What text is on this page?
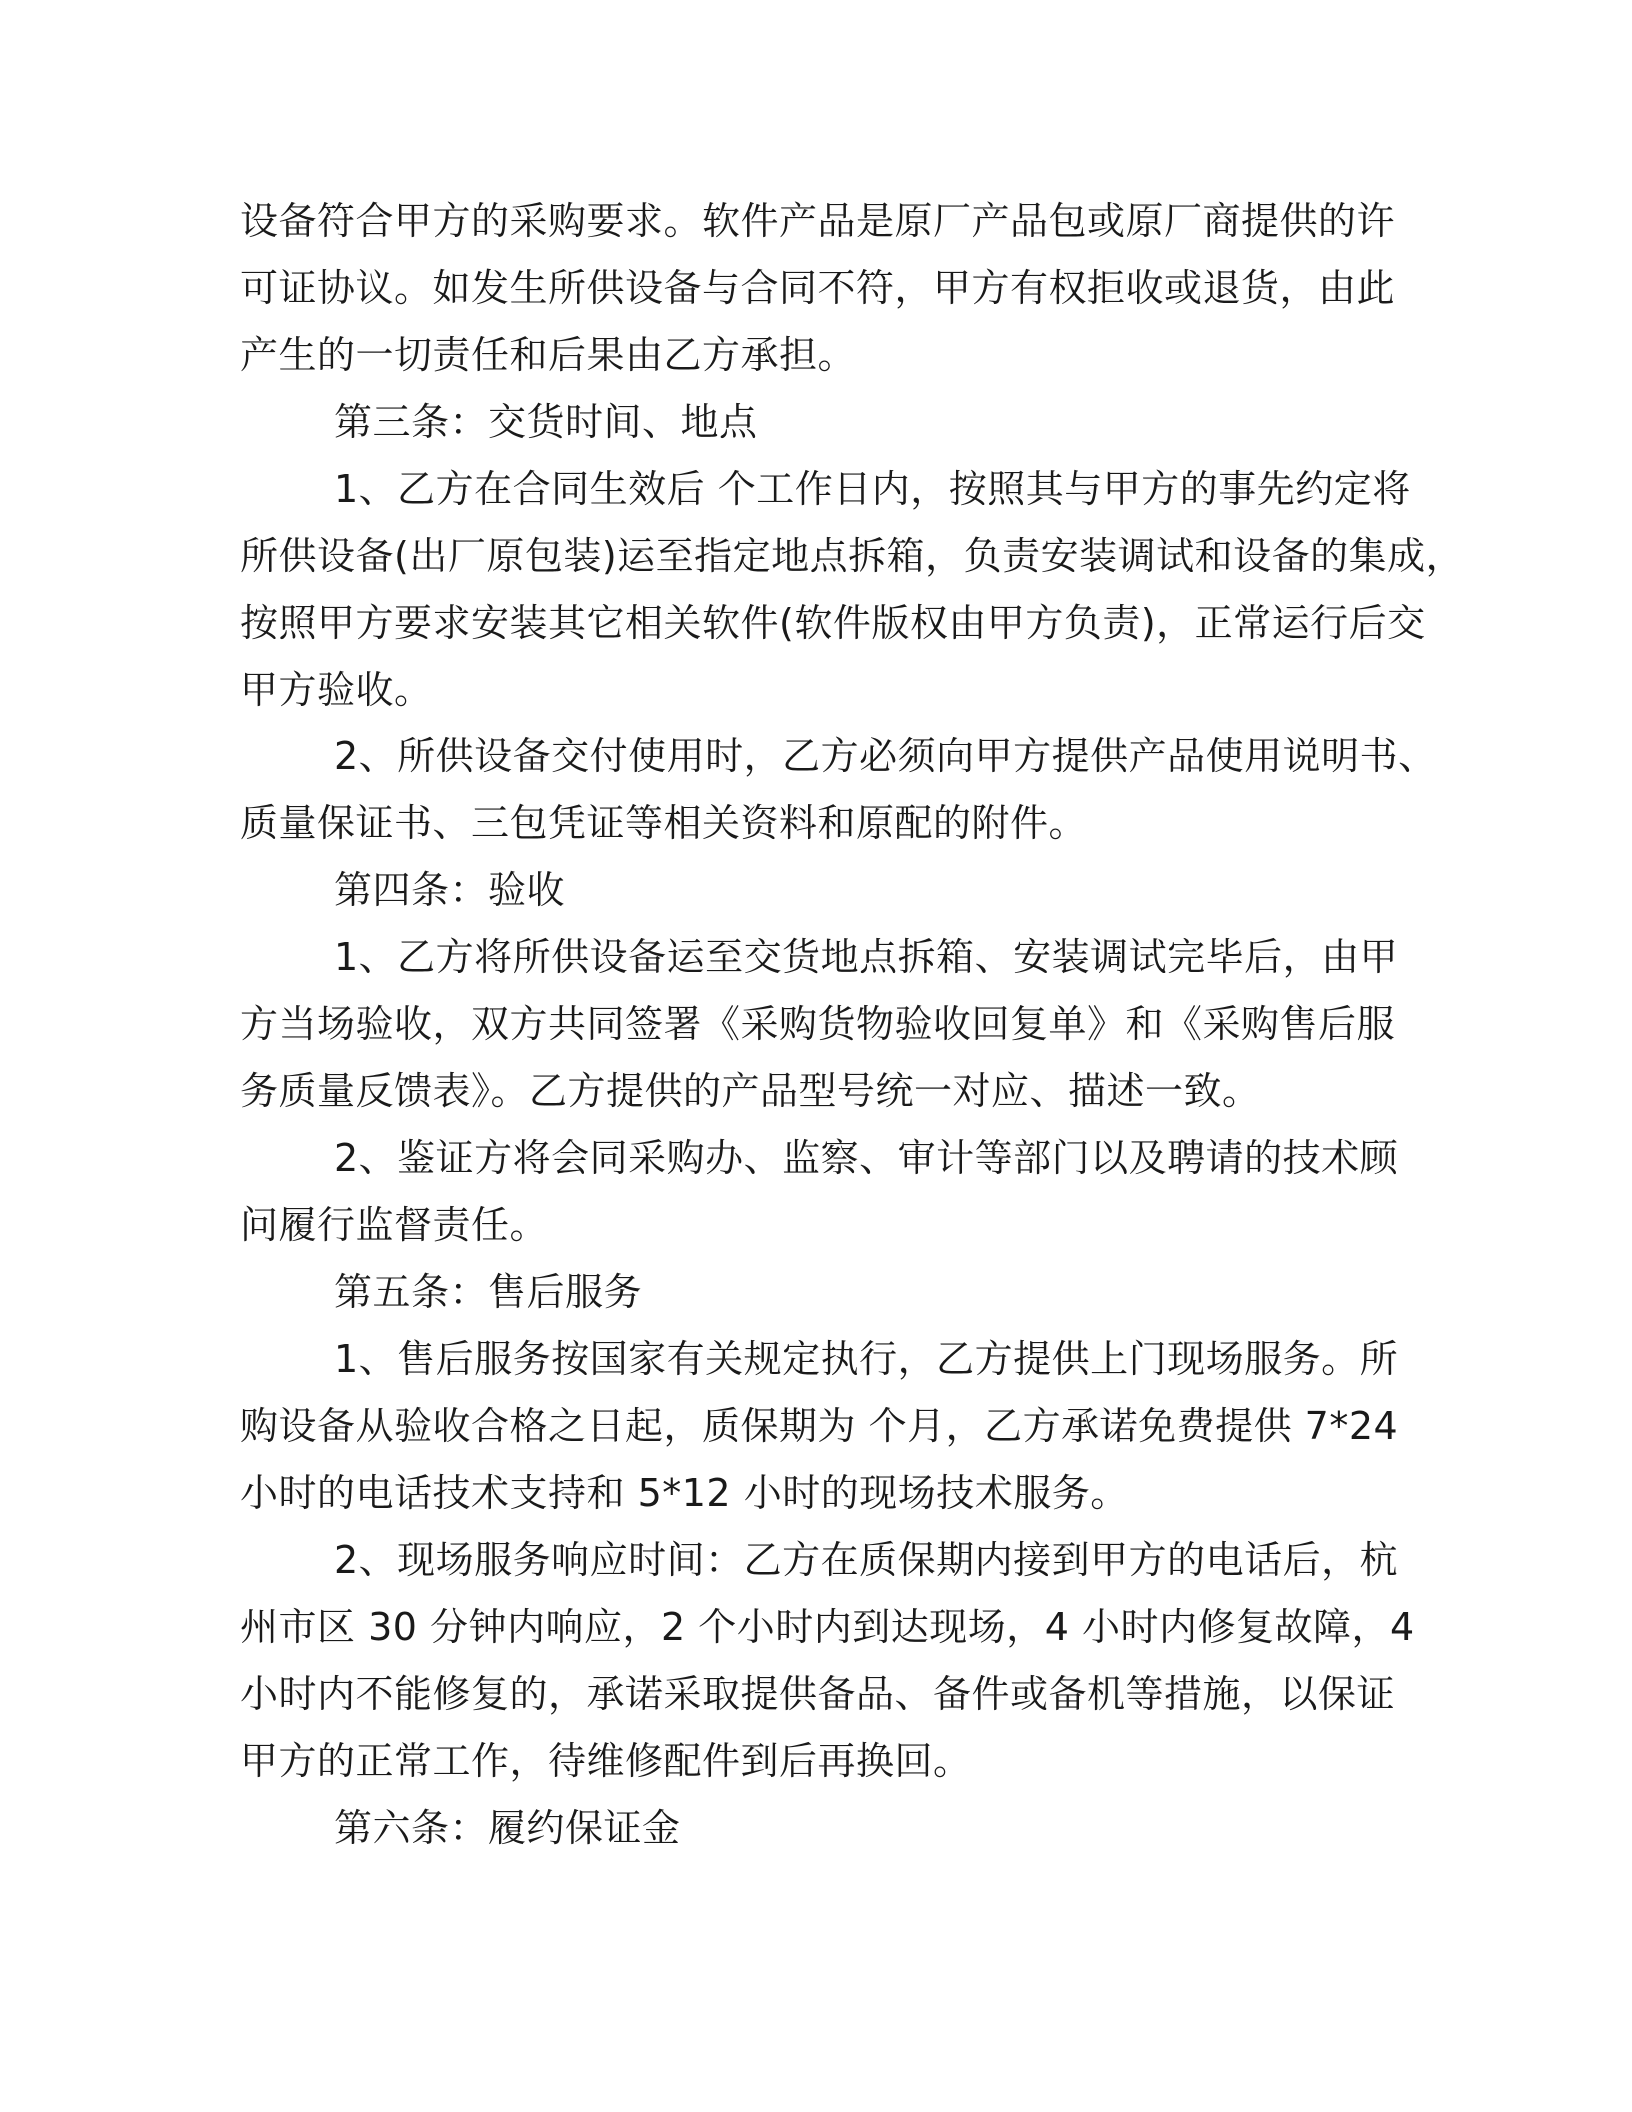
设备符合甲方的采购要求。软件产品是原厂产品包或原厂商提供的许
可证协议。如发生所供设备与合同不符，甲方有权拒收或退货，由此
产生的一切责任和后果由乙方承担。
第三条：交货时间、地点
1、乙方在合同生效后 个工作日内，按照其与甲方的事先约定将
所供设备(出厂原包装)运至指定地点拆箱，负责安装调试和设备的集成，
按照甲方要求安装其它相关软件(软件版权由甲方负责)，正常运行后交
甲方验收。
2、所供设备交付使用时，乙方必须向甲方提供产品使用说明书、
质量保证书、三包凭证等相关资料和原配的附件。
第四条：验收
1、乙方将所供设备运至交货地点拆箱、安装调试完毕后，由甲
方当场验收，双方共同签署《采购货物验收回复单》和《采购售后服
务质量反馈表》。乙方提供的产品型号统一对应、描述一致。
2、鉴证方将会同采购办、监察、审计等部门以及聘请的技术顾
问履行监督责任。
第五条：售后服务
1、售后服务按国家有关规定执行，乙方提供上门现场服务。所
购设备从验收合格之日起，质保期为 个月，乙方承诺免费提供 7*24
小时的电话技术支持和 5*12 小时的现场技术服务。
2、现场服务响应时间：乙方在质保期内接到甲方的电话后，杭
州市区 30 分钟内响应，2 个小时内到达现场，4 小时内修复故障，4
小时内不能修复的，承诺采取提供备品、备件或备机等措施，以保证
甲方的正常工作，待维修配件到后再换回。
第六条：履约保证金
